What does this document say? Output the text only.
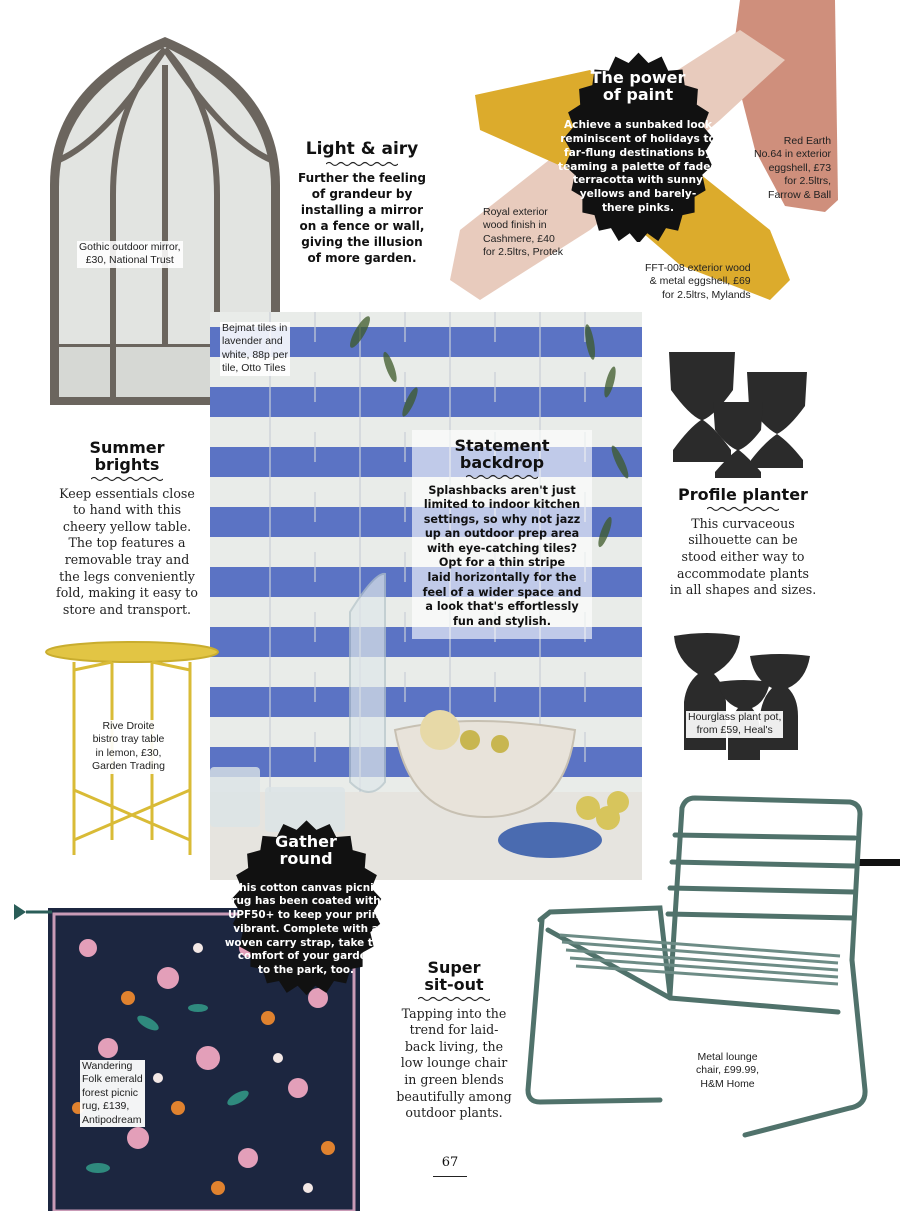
Gothic outdoor mirror,
£30, National Trust
Light & airy
Further the feeling
of grandeur by
installing a mirror
on a fence or wall,
giving the illusion
of more garden.
The power
of paint
Achieve a sunbaked look
reminiscent of holidays to
far-flung destinations by
teaming a palette of faded
terracotta with sunny
yellows and barely-
there pinks.
Red Earth
No.64 in exterior
eggshell, £73
for 2.5ltrs,
Farrow & Ball
Royal exterior
wood finish in
Cashmere, £40
for 2.5ltrs, Protek
FFT-008 exterior wood
& metal eggshell, £69
for 2.5ltrs, Mylands
Bejmat tiles in
lavender and
white, 88p per
tile, Otto Tiles
Statement
backdrop
Splashbacks aren't just
limited to indoor kitchen
settings, so why not jazz
up an outdoor prep area
with eye-catching tiles?
Opt for a thin stripe
laid horizontally for the
feel of a wider space and
a look that's effortlessly
fun and stylish.
Summer
brights
Keep essentials close
to hand with this
cheery yellow table.
The top features a
removable tray and
the legs conveniently
fold, making it easy to
store and transport.
Rive Droite
bistro tray table
in lemon, £30,
Garden Trading
Profile planter
This curvaceous
silhouette can be
stood either way to
accommodate plants
in all shapes and sizes.
Hourglass plant pot,
from £59, Heal's
Wandering
Folk emerald
forest picnic
rug, £139,
Antipodream
Gather
round
This cotton canvas picnic
rug has been coated with
UPF50+ to keep your print
vibrant. Complete with a
woven carry strap, take the
comfort of your garden
to the park, too.	Super
sit-out
Tapping into the
trend for laid-
back living, the
low lounge chair
in green blends
beautifully among
outdoor plants.
Metal lounge
chair, £99.99,
H&M Home
67
